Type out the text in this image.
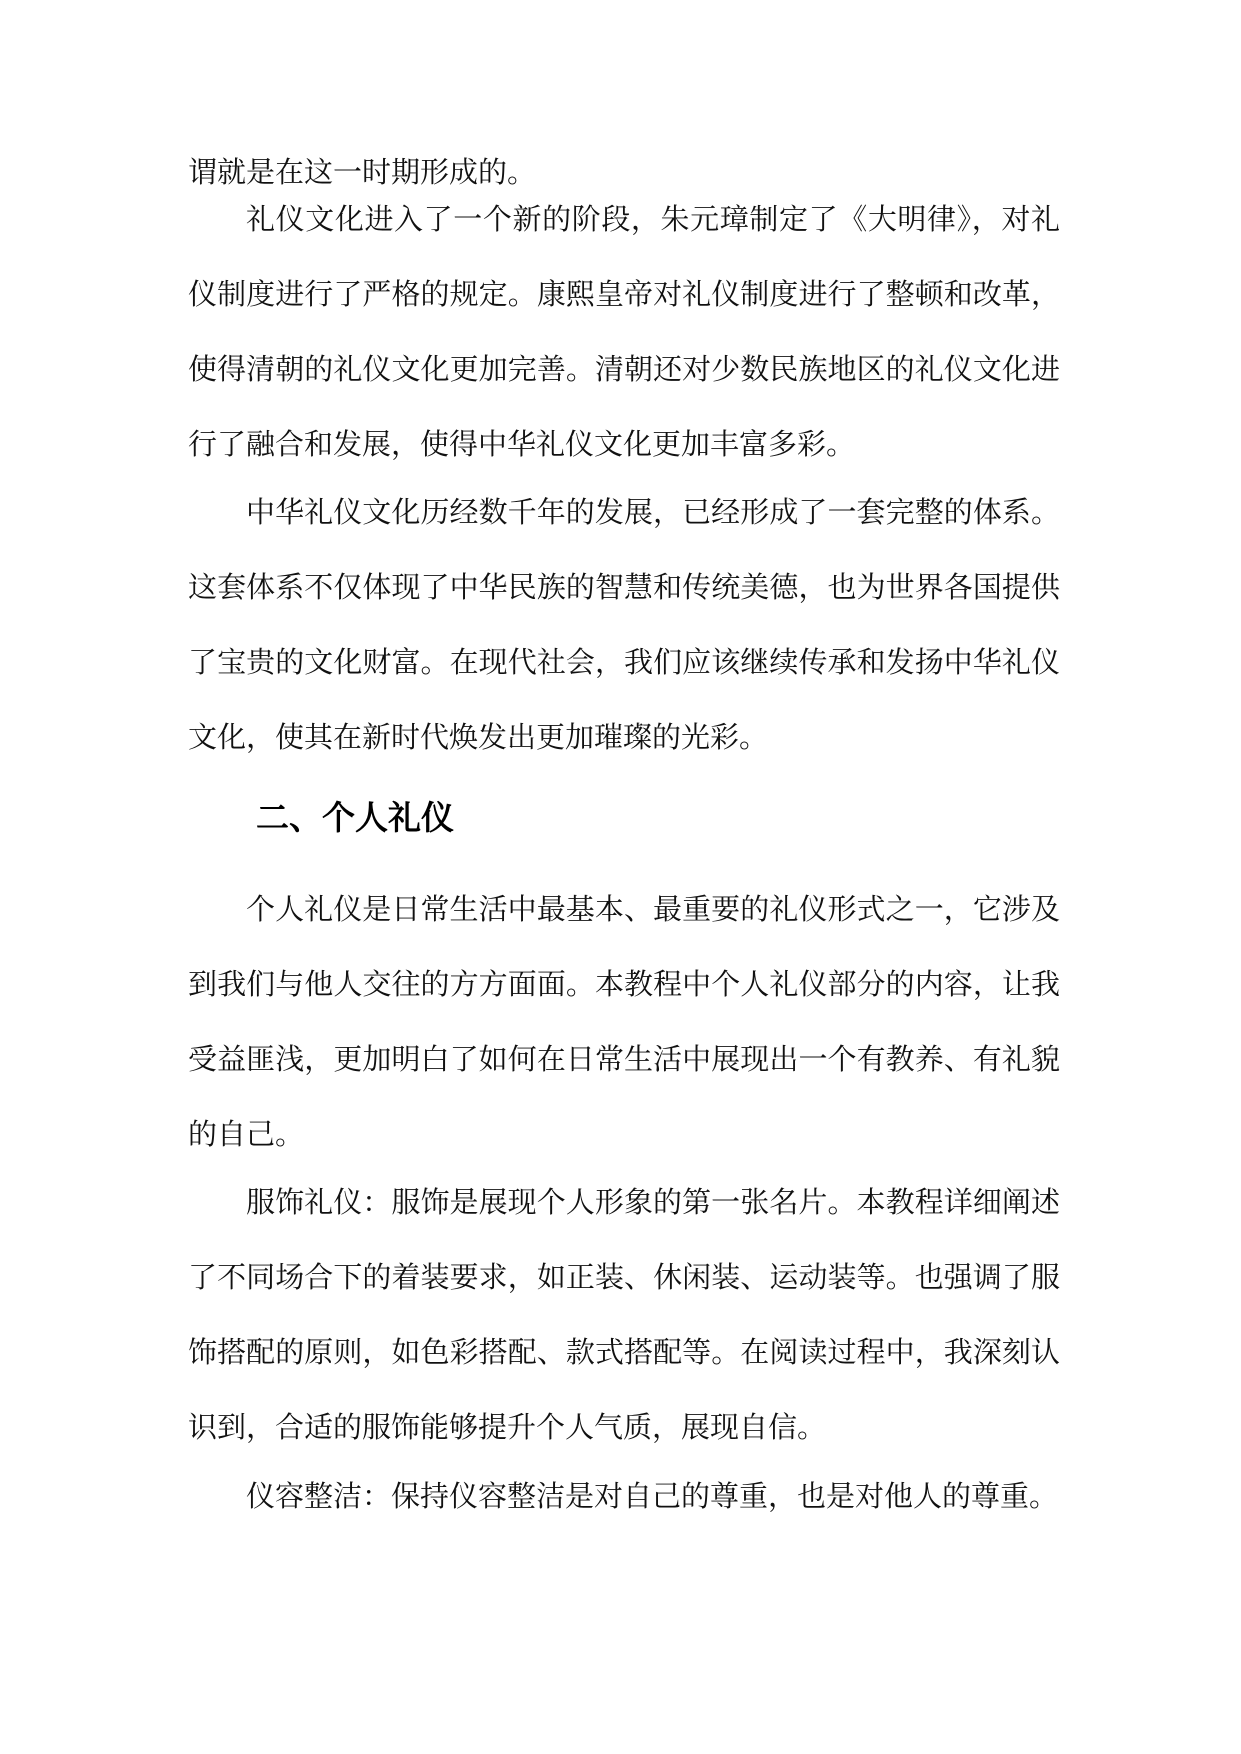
谓就是在这一时期形成的。

礼仪文化进入了一个新的阶段，朱元璋制定了《大明律》，对礼仪制度进行了严格的规定。康熙皇帝对礼仪制度进行了整顿和改革，使得清朝的礼仪文化更加完善。清朝还对少数民族地区的礼仪文化进行了融合和发展，使得中华礼仪文化更加丰富多彩。

中华礼仪文化历经数千年的发展，已经形成了一套完整的体系。这套体系不仅体现了中华民族的智慧和传统美德，也为世界各国提供了宝贵的文化财富。在现代社会，我们应该继续传承和发扬中华礼仪文化，使其在新时代焕发出更加璀璨的光彩。

二、个人礼仪

个人礼仪是日常生活中最基本、最重要的礼仪形式之一，它涉及到我们与他人交往的方方面面。本教程中个人礼仪部分的内容，让我受益匪浅，更加明白了如何在日常生活中展现出一个有教养、有礼貌的自己。

服饰礼仪：服饰是展现个人形象的第一张名片。本教程详细阐述了不同场合下的着装要求，如正装、休闲装、运动装等。也强调了服饰搭配的原则，如色彩搭配、款式搭配等。在阅读过程中，我深刻认识到，合适的服饰能够提升个人气质，展现自信。

仪容整洁：保持仪容整洁是对自己的尊重，也是对他人的尊重。
